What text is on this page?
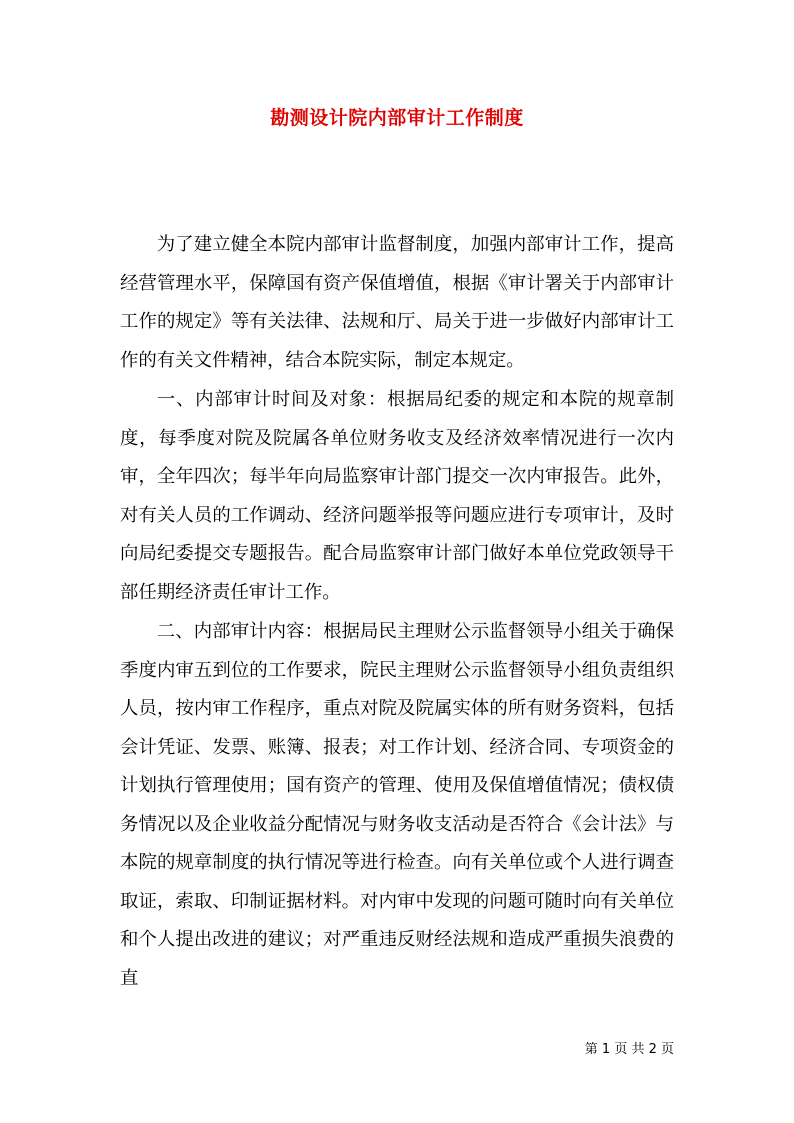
勘测设计院内部审计工作制度

为了建立健全本院内部审计监督制度，加强内部审计工作，提高经营管理水平，保障国有资产保值增值，根据《审计署关于内部审计工作的规定》等有关法律、法规和厅、局关于进一步做好内部审计工作的有关文件精神，结合本院实际，制定本规定。

一、内部审计时间及对象：根据局纪委的规定和本院的规章制度，每季度对院及院属各单位财务收支及经济效率情况进行一次内审，全年四次；每半年向局监察审计部门提交一次内审报告。此外，对有关人员的工作调动、经济问题举报等问题应进行专项审计，及时向局纪委提交专题报告。配合局监察审计部门做好本单位党政领导干部任期经济责任审计工作。

二、内部审计内容：根据局民主理财公示监督领导小组关于确保季度内审五到位的工作要求，院民主理财公示监督领导小组负责组织人员，按内审工作程序，重点对院及院属实体的所有财务资料，包括会计凭证、发票、账簿、报表；对工作计划、经济合同、专项资金的计划执行管理使用；国有资产的管理、使用及保值增值情况；债权债务情况以及企业收益分配情况与财务收支活动是否符合《会计法》与本院的规章制度的执行情况等进行检查。向有关单位或个人进行调查取证，索取、印制证据材料。对内审中发现的问题可随时向有关单位和个人提出改进的建议；对严重违反财经法规和造成严重损失浪费的直

第 1 页 共 2 页
